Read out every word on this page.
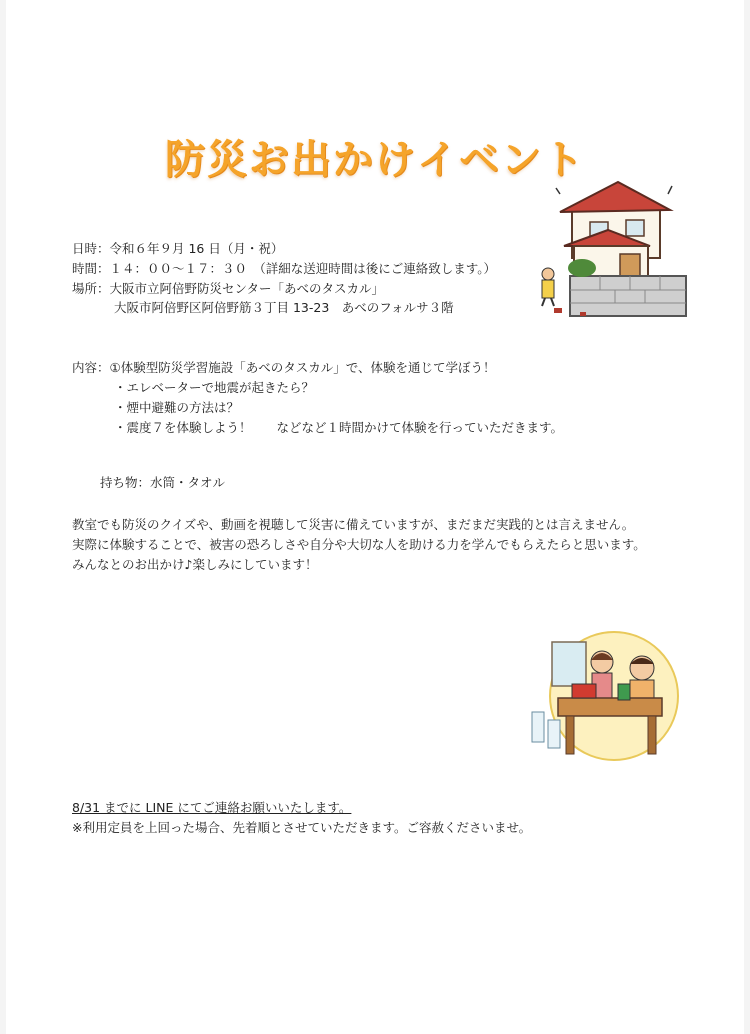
防災お出かけイベント
日時：令和６年９月 16 日（月・祝）
時間：１４：００～１７：３０　（詳細な送迎時間は後にご連絡致します。）
場所：大阪市立阿倍野防災センター「あべのタスカル」
大阪市阿倍野区阿倍野筋３丁目 13-23　あべのフォルサ３階
内容：①体験型防災学習施設「あべのタスカル」で、体験を通じて学ぼう！
・エレベーターで地震が起きたら？
・煙中避難の方法は？
・震度７を体験しよう！　　などなど１時間かけて体験を行っていただきます。
持ち物：水筒・タオル
教室でも防災のクイズや、動画を視聴して災害に備えていますが、まだまだ実践的とは言えません。
実際に体験することで、被害の恐ろしさや自分や大切な人を助ける力を学んでもらえたらと思います。
みんなとのお出かけ♪楽しみにしています！
8/31 までに LINE にてご連絡お願いいたします。
※利用定員を上回った場合、先着順とさせていただきます。ご容赦くださいませ。
